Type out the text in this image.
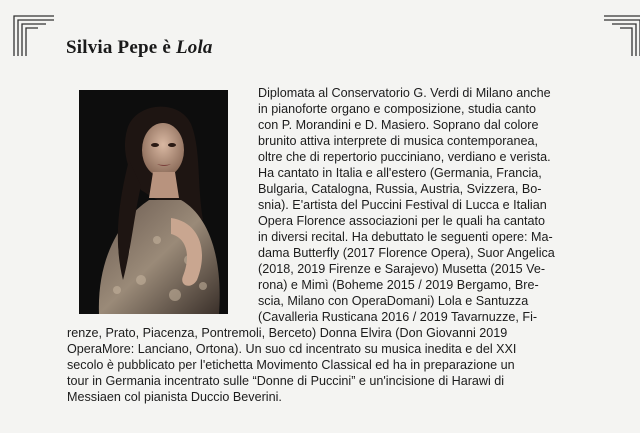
Silvia Pepe è Lola
Diplomata al Conservatorio G. Verdi di Milano anche
in pianoforte organo e composizione, studia canto
con P. Morandini e D. Masiero. Soprano dal colore
brunito attiva interprete di musica contemporanea,
oltre che di repertorio pucciniano, verdiano e verista.
Ha cantato in Italia e all'estero (Germania, Francia,
Bulgaria, Catalogna, Russia, Austria, Svizzera, Bo-
snia). E'artista del Puccini Festival di Lucca e Italian
Opera Florence associazioni per le quali ha cantato
in diversi recital. Ha debuttato le seguenti opere: Ma-
dama Butterfly (2017 Florence Opera), Suor Angelica
(2018, 2019 Firenze e Sarajevo) Musetta (2015 Ve-
rona) e Mimì (Boheme 2015 / 2019 Bergamo, Bre-
scia, Milano con OperaDomani) Lola e Santuzza
(Cavalleria Rusticana 2016 / 2019 Tavarnuzze, Fi-
renze, Prato, Piacenza, Pontremoli, Berceto) Donna Elvira (Don Giovanni 2019
OperaMore: Lanciano, Ortona). Un suo cd incentrato su musica inedita e del XXI
secolo è pubblicato per l'etichetta Movimento Classical ed ha in preparazione un
tour in Germania incentrato sulle “Donne di Puccini” e un'incisione di Harawi di
Messiaen col pianista Duccio Beverini.
